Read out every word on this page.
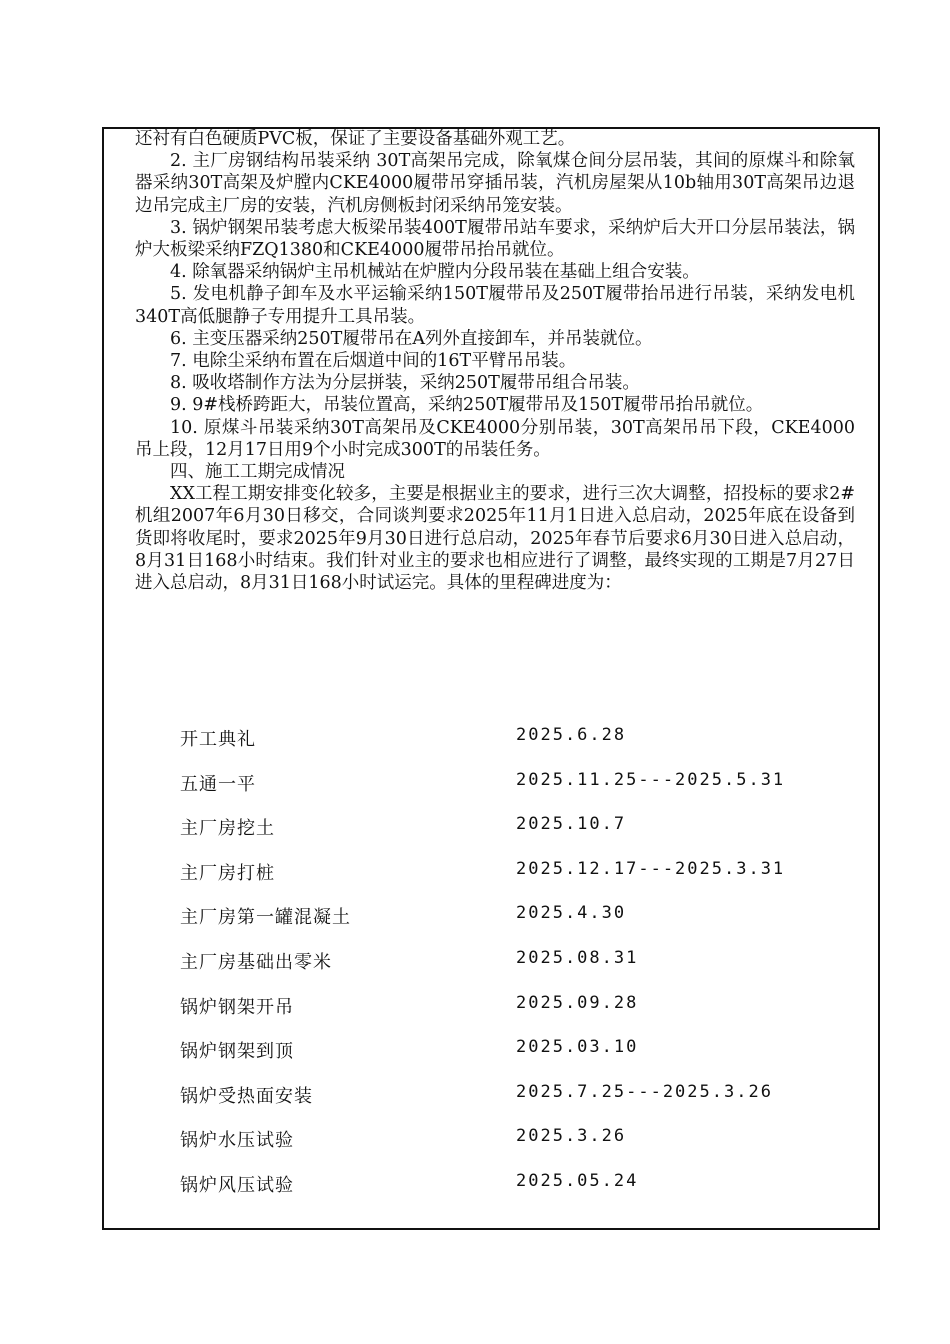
还衬有白色硬质PVC板，保证了主要设备基础外观工艺。

2. 主厂房钢结构吊装采纳 30T高架吊完成，除氧煤仓间分层吊装，其间的原煤斗和除氧器采纳30T高架及炉膛内CKE4000履带吊穿插吊装，汽机房屋架从10b轴用30T高架吊边退边吊完成主厂房的安装，汽机房侧板封闭采纳吊笼安装。

3. 锅炉钢架吊装考虑大板梁吊装400T履带吊站车要求，采纳炉后大开口分层吊装法，锅炉大板梁采纳FZQ1380和CKE4000履带吊抬吊就位。

4. 除氧器采纳锅炉主吊机械站在炉膛内分段吊装在基础上组合安装。

5. 发电机静子卸车及水平运输采纳150T履带吊及250T履带抬吊进行吊装，采纳发电机340T高低腿静子专用提升工具吊装。

6. 主变压器采纳250T履带吊在A列外直接卸车，并吊装就位。

7. 电除尘采纳布置在后烟道中间的16T平臂吊吊装。

8. 吸收塔制作方法为分层拼装，采纳250T履带吊组合吊装。

9. 9#栈桥跨距大，吊装位置高，采纳250T履带吊及150T履带吊抬吊就位。

10. 原煤斗吊装采纳30T高架吊及CKE4000分别吊装，30T高架吊吊下段，CKE4000吊上段，12月17日用9个小时完成300T的吊装任务。

四、施工工期完成情况

XX工程工期安排变化较多，主要是根据业主的要求，进行三次大调整，招投标的要求2#机组2007年6月30日移交，合同谈判要求2025年11月1日进入总启动，2025年底在设备到货即将收尾时，要求2025年9月30日进行总启动，2025年春节后要求6月30日进入总启动，8月31日168小时结束。我们针对业主的要求也相应进行了调整，最终实现的工期是7月27日进入总启动，8月31日168小时试运完。具体的里程碑进度为：

开工典礼	2025.6.28
五通一平	2025.11.25---2025.5.31
主厂房挖土	2025.10.7
主厂房打桩	2025.12.17---2025.3.31
主厂房第一罐混凝土	2025.4.30
主厂房基础出零米	2025.08.31
锅炉钢架开吊	2025.09.28
锅炉钢架到顶	2025.03.10
锅炉受热面安装	2025.7.25---2025.3.26
锅炉水压试验	2025.3.26
锅炉风压试验	2025.05.24
